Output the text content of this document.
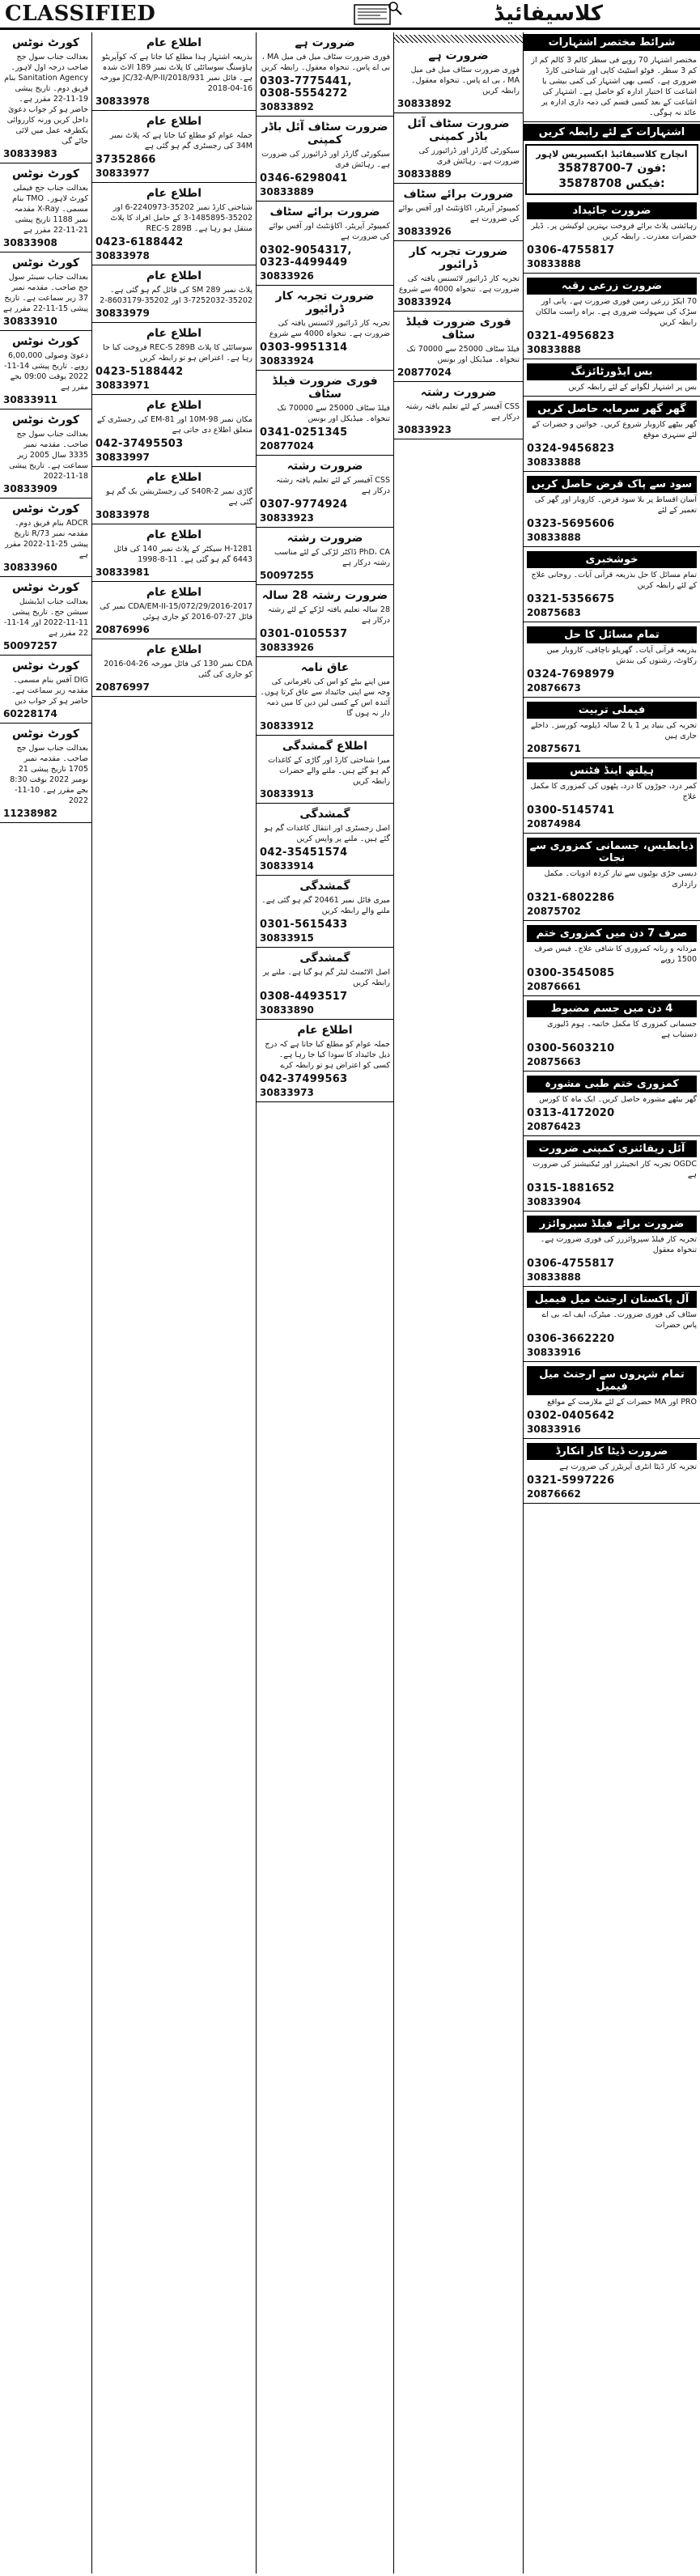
CLASSIFIED	کلاسیفائیڈ
کورٹ نوٹس
بعدالت جناب سول جج صاحب درجہ اول لاہور۔ Sanitation Agency بنام فریق دوم۔ تاریخ پیشی 19-11-22 مقرر ہے۔ حاضر ہو کر جواب دعویٰ داخل کریں ورنہ کارروائی یکطرفہ عمل میں لائی جائے گی
30833983
کورٹ نوٹس
بعدالت جناب جج فیملی کورٹ لاہور۔ TMO بنام مسمی۔ X-Ray مقدمہ نمبر 1188 تاریخ پیشی 21-11-22 مقرر ہے
30833908
کورٹ نوٹس
بعدالت جناب سینئر سول جج صاحب۔ مقدمہ نمبر 37 زیر سماعت ہے۔ تاریخ پیشی 15-11-22 مقرر ہے
30833910
کورٹ نوٹس
دعویٰ وصولی 6,00,000 روپے۔ تاریخ پیشی 14-11-2022 بوقت 09:00 بجے مقرر ہے
30833911
کورٹ نوٹس
بعدالت جناب سول جج صاحب۔ مقدمہ نمبر 3335 سال 2005 زیر سماعت ہے۔ تاریخ پیشی 18-11-2022
30833909
کورٹ نوٹس
ADCR بنام فریق دوم۔ مقدمہ نمبر 73/R تاریخ پیشی 25-11-2022 مقرر ہے
30833960
کورٹ نوٹس
بعدالت جناب ایڈیشنل سیشن جج۔ تاریخ پیشی 11-11-2022 اور 14-11-22 مقرر ہے
50097257
کورٹ نوٹس
DIG آفس بنام مسمی۔ مقدمہ زیر سماعت ہے۔ حاضر ہو کر جواب دیں
60228174
کورٹ نوٹس
بعدالت جناب سول جج صاحب۔ مقدمہ نمبر 1705 تاریخ پیشی 21 نومبر 2022 بوقت 8:30 بجے مقرر ہے۔ 10-11-2022
11238982
اطلاع عام
بذریعہ اشتہار ہذا مطلع کیا جاتا ہے کہ کوآپریٹو ہاؤسنگ سوسائٹی کا پلاٹ نمبر 189 الاٹ شدہ ہے۔ فائل نمبر 931/JC/32-A/P-II/2018 مورخہ 16-04-2018
30833978
اطلاع عام
جملہ عوام کو مطلع کیا جاتا ہے کہ پلاٹ نمبر 34M کی رجسٹری گم ہو گئی ہے
37352866
30833977
اطلاع عام
شناختی کارڈ نمبر 35202-2240973-6 اور 35202-1485895-3 کے حامل افراد کا پلاٹ منتقل ہو رہا ہے۔ REC-S 289B
0423-6188442
30833978
اطلاع عام
پلاٹ نمبر SM 289 کی فائل گم ہو گئی ہے۔ 35202-7252032-3 اور 35202-8603179-2
30833979
اطلاع عام
سوسائٹی کا پلاٹ REC-S 289B فروخت کیا جا رہا ہے۔ اعتراض ہو تو رابطہ کریں
0423-5188442
30833971
اطلاع عام
مکان نمبر 10M-98 اور EM-81 کی رجسٹری کے متعلق اطلاع دی جاتی ہے
042-37495503
30833997
اطلاع عام
گاڑی نمبر S40R-2 کی رجسٹریشن بک گم ہو گئی ہے
30833978
اطلاع عام
H-1281 سیکٹر کے پلاٹ نمبر 140 کی فائل 6443 گم ہو گئی ہے۔ 11-8-1998
30833981
اطلاع عام
CDA/EM-II-15/072/29/2016-2017 نمبر کی فائل 27-07-2016 کو جاری ہوئی
20876996
اطلاع عام
CDA نمبر 130 کی فائل مورخہ 26-04-2016 کو جاری کی گئی
20876997
ضرورت ہے
فوری ضرورت سٹاف میل فی میل MA ، بی اے پاس۔ تنخواہ معقول۔ رابطہ کریں
0303-7775441, 0308-5554272
30833892
ضرورت سٹاف آئل باڈر کمپنی
سیکورٹی گارڈز اور ڈرائیورز کی ضرورت ہے۔ رہائش فری
0346-6298041
30833889
ضرورت برائے سٹاف
کمپیوٹر آپریٹر، اکاؤنٹنٹ اور آفس بوائے کی ضرورت ہے
0302-9054317, 0323-4499449
30833926
ضرورت تجربہ کار ڈرائیور
تجربہ کار ڈرائیور لائسنس یافتہ کی ضرورت ہے۔ تنخواہ 4000 سے شروع
0303-9951314
30833924
فوری ضرورت فیلڈ سٹاف
فیلڈ سٹاف 25000 سے 70000 تک تنخواہ۔ میڈیکل اور بونس
0341-0251345
20877024
ضرورت رشتہ
CSS آفیسر کے لئے تعلیم یافتہ رشتہ درکار ہے
0307-9774924
30833923
ضرورت رشتہ
PhD، CA ڈاکٹر لڑکی کے لئے مناسب رشتہ درکار ہے
50097255
ضرورت رشتہ 28 سالہ
28 سالہ تعلیم یافتہ لڑکے کے لئے رشتہ درکار ہے
0301-0105537
30833926
عاق نامہ
میں اپنے بیٹے کو اس کی نافرمانی کی وجہ سے اپنی جائیداد سے عاق کرتا ہوں۔ آئندہ اس کے کسی لین دین کا میں ذمہ دار نہ ہوں گا
30833912
اطلاع گمشدگی
میرا شناختی کارڈ اور گاڑی کے کاغذات گم ہو گئے ہیں۔ ملنے والے حضرات رابطہ کریں
30833913
گمشدگی
اصل رجسٹری اور انتقال کاغذات گم ہو گئے ہیں۔ ملنے پر واپس کریں
042-35451574
30833914
گمشدگی
میری فائل نمبر 20461 گم ہو گئی ہے۔ ملنے والے رابطہ کریں
0301-5615433
30833915
گمشدگی
اصل الاٹمنٹ لیٹر گم ہو گیا ہے۔ ملنے پر رابطہ کریں
0308-4493517
30833890
اطلاع عام
جملہ عوام کو مطلع کیا جاتا ہے کہ درج ذیل جائیداد کا سودا کیا جا رہا ہے۔ کسی کو اعتراض ہو تو رابطہ کرے
042-37499563
30833973
ضرورت ہے
فوری ضرورت سٹاف میل فی میل MA ، بی اے پاس۔ تنخواہ معقول۔ رابطہ کریں
30833892
ضرورت سٹاف آئل باڈر کمپنی
سیکورٹی گارڈز اور ڈرائیورز کی ضرورت ہے۔ رہائش فری
30833889
ضرورت برائے سٹاف
کمپیوٹر آپریٹر، اکاؤنٹنٹ اور آفس بوائے کی ضرورت ہے
30833926
ضرورت تجربہ کار ڈرائیور
تجربہ کار ڈرائیور لائسنس یافتہ کی ضرورت ہے۔ تنخواہ 4000 سے شروع
30833924
فوری ضرورت فیلڈ سٹاف
فیلڈ سٹاف 25000 سے 70000 تک تنخواہ۔ میڈیکل اور بونس
20877024
ضرورت رشتہ
CSS آفیسر کے لئے تعلیم یافتہ رشتہ درکار ہے
30833923
شرائط مختصر اشتہارات
مختصر اشتہار 70 روپے فی سطر کالم 3 کالم کم از کم 3 سطر۔ فوٹو اسٹیٹ کاپی اور شناختی کارڈ ضروری ہے۔ کسی بھی اشتہار کی کمی بیشی یا اشاعت کا اختیار ادارہ کو حاصل ہے۔ اشتہار کی اشاعت کے بعد کسی قسم کی ذمہ داری ادارہ پر عائد نہ ہوگی۔
اشتہارات کے لئے رابطہ کریں
انچارج کلاسیفائیڈ ایکسپریس لاہور
35878700-7 فون:
35878708 فیکس:
ضرورت جائیداد
رہائشی پلاٹ برائے فروخت بہترین لوکیشن پر۔ ڈیلر حضرات معذرت۔ رابطہ کریں
0306-4755817
30833888
ضرورت زرعی رقبہ
70 ایکڑ زرعی زمین فوری ضرورت ہے۔ پانی اور سڑک کی سہولت ضروری ہے۔ براہ راست مالکان رابطہ کریں
0321-4956823
30833888
بس ایڈورٹائزنگ
بس پر اشتہار لگوانے کے لئے رابطہ کریں
گھر گھر سرمایہ حاصل کریں
گھر بیٹھے کاروبار شروع کریں۔ خواتین و حضرات کے لئے سنہری موقع
0324-9456823
30833888
سود سے پاک قرض حاصل کریں
آسان اقساط پر بلا سود قرض۔ کاروبار اور گھر کی تعمیر کے لئے
0323-5695606
30833888
خوشخبری
تمام مسائل کا حل بذریعہ قرآنی آیات۔ روحانی علاج کے لئے رابطہ کریں
0321-5356675
20875683
تمام مسائل کا حل
بذریعہ قرآنی آیات۔ گھریلو ناچاقی، کاروبار میں رکاوٹ، رشتوں کی بندش
0324-7698979
20876673
فیملی تربیت
تجربہ کی بنیاد پر 1 یا 2 سالہ ڈپلومہ کورسز۔ داخلے جاری ہیں
20875671
ہیلتھ اینڈ فٹنس
کمر درد، جوڑوں کا درد، پٹھوں کی کمزوری کا مکمل علاج
0300-5145741
20874984
ذیابطیس، جسمانی کمزوری سے نجات
دیسی جڑی بوٹیوں سے تیار کردہ ادویات۔ مکمل رازداری
0321-6802286
20875702
صرف 7 دن میں کمزوری ختم
مردانہ و زنانہ کمزوری کا شافی علاج۔ فیس صرف 1500 روپے
0300-3545085
20876661
4 دن میں جسم مضبوط
جسمانی کمزوری کا مکمل خاتمہ۔ ہوم ڈلیوری دستیاب ہے
0300-5603210
20875663
کمزوری ختم طبی مشورہ
گھر بیٹھے مشورہ حاصل کریں۔ ایک ماہ کا کورس
0313-4172020
20876423
آئل ریفائنری کمپنی ضرورت
OGDC تجربہ کار انجینئرز اور ٹیکنیشنز کی ضرورت ہے
0315-1881652
30833904
ضرورت برائے فیلڈ سپروائزر
تجربہ کار فیلڈ سپروائزرز کی فوری ضرورت ہے۔ تنخواہ معقول
0306-4755817
30833888
آل پاکستان ارجنٹ میل فیمیل
سٹاف کی فوری ضرورت۔ میٹرک، ایف اے، بی اے پاس حضرات
0306-3662220
30833916
تمام شہروں سے ارجنٹ میل فیمیل
PRO اور MA حضرات کے لئے ملازمت کے مواقع
0302-0405642
30833916
ضرورت ڈیٹا کار انکارڈ
تجربہ کار ڈیٹا انٹری آپریٹرز کی ضرورت ہے
0321-5997226
20876662
